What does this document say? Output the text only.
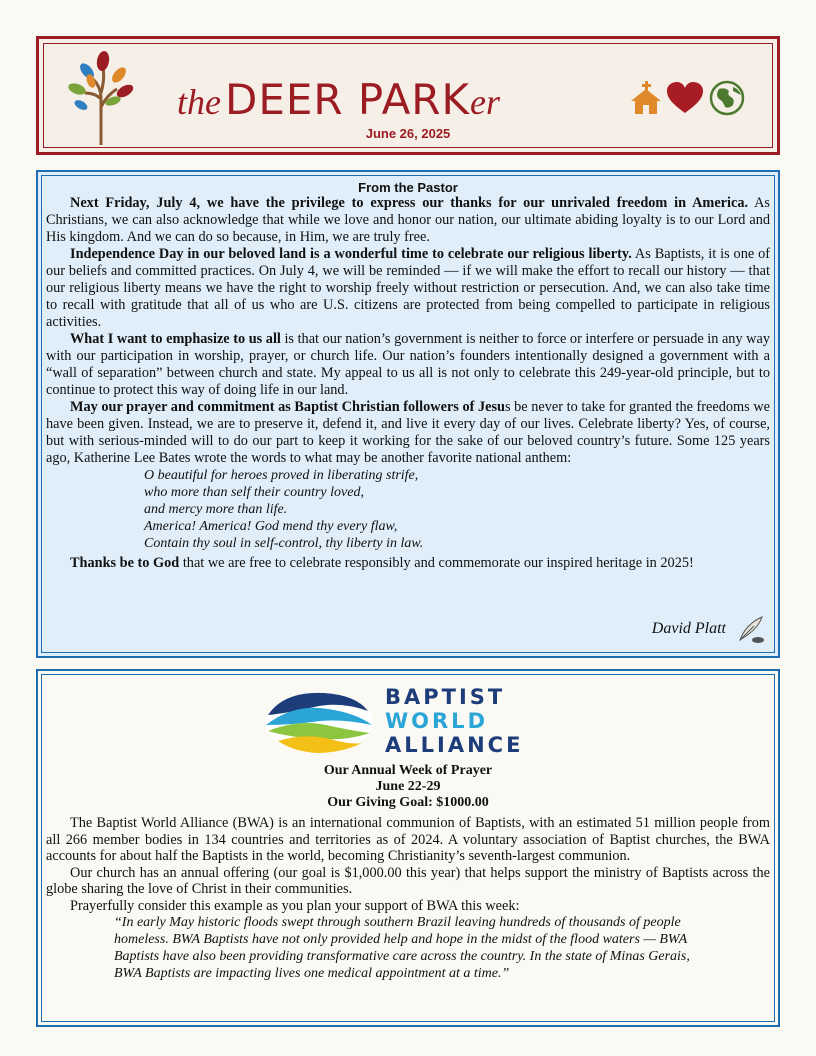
the DEER PARKer
June 26, 2025
From the Pastor

Next Friday, July 4, we have the privilege to express our thanks for our unrivaled freedom in America. As Christians, we can also acknowledge that while we love and honor our nation, our ultimate abiding loyalty is to our Lord and His kingdom. And we can do so because, in Him, we are truly free.

Independence Day in our beloved land is a wonderful time to celebrate our religious liberty. As Baptists, it is one of our beliefs and committed practices. On July 4, we will be reminded — if we will make the effort to recall our history — that our religious liberty means we have the right to worship freely without restriction or persecution. And, we can also take time to recall with gratitude that all of us who are U.S. citizens are protected from being compelled to participate in religious activities.

What I want to emphasize to us all is that our nation’s government is neither to force or interfere or persuade in any way with our participation in worship, prayer, or church life. Our nation’s founders intentionally designed a government with a “wall of separation” between church and state. My appeal to us all is not only to celebrate this 249-year-old principle, but to continue to protect this way of doing life in our land.

May our prayer and commitment as Baptist Christian followers of Jesus be never to take for granted the freedoms we have been given. Instead, we are to preserve it, defend it, and live it every day of our lives. Celebrate liberty? Yes, of course, but with serious-minded will to do our part to keep it working for the sake of our beloved country’s future. Some 125 years ago, Katherine Lee Bates wrote the words to what may be another favorite national anthem:

O beautiful for heroes proved in liberating strife,
who more than self their country loved,
and mercy more than life.
America! America! God mend thy every flaw,
Contain thy soul in self-control, thy liberty in law.

Thanks be to God that we are free to celebrate responsibly and commemorate our inspired heritage in 2025!

David Platt
BAPTIST
WORLD
ALLIANCE
Our Annual Week of Prayer
June 22-29
Our Giving Goal: $1000.00

The Baptist World Alliance (BWA) is an international communion of Baptists, with an estimated 51 million people from all 266 member bodies in 134 countries and territories as of 2024. A voluntary association of Baptist churches, the BWA accounts for about half the Baptists in the world, becoming Christianity’s seventh-largest communion.

Our church has an annual offering (our goal is $1,000.00 this year) that helps support the ministry of Baptists across the globe sharing the love of Christ in their communities.

Prayerfully consider this example as you plan your support of BWA this week:

“In early May historic floods swept through southern Brazil leaving hundreds of thousands of people homeless. BWA Baptists have not only provided help and hope in the midst of the flood waters — BWA Baptists have also been providing transformative care across the country. In the state of Minas Gerais, BWA Baptists are impacting lives one medical appointment at a time.”
